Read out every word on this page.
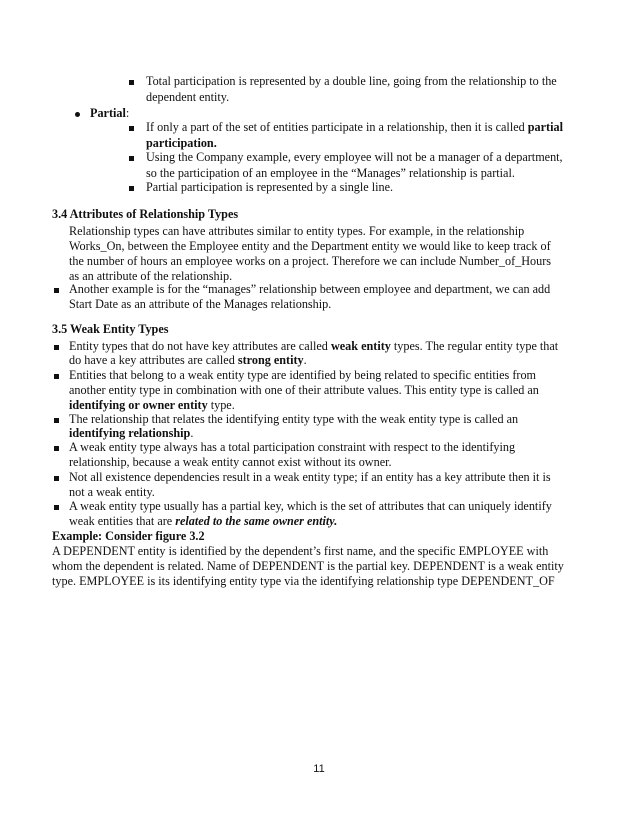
Total participation is represented by a double line, going from the relationship to the
dependent entity.
Partial:
If only a part of the set of entities participate in a relationship, then it is called partial
participation.
Using the Company example, every employee will not be a manager of a department,
so the participation of an employee in the “Manages” relationship is partial.
Partial participation is represented by a single line.
3.4 Attributes of Relationship Types
Relationship types can have attributes similar to entity types. For example, in the relationship
Works_On, between the Employee entity and the Department entity we would like to keep track of
the number of hours an employee works on a project. Therefore we can include Number_of_Hours
as an attribute of the relationship.
Another example is for the “manages” relationship between employee and department, we can add
Start Date as an attribute of the Manages relationship.
3.5 Weak Entity Types
Entity types that do not have key attributes are called weak entity types. The regular entity type that
do have a key attributes are called strong entity.
Entities that belong to a weak entity type are identified by being related to specific entities from
another entity type in combination with one of their attribute values. This entity type is called an
identifying or owner entity type.
The relationship that relates the identifying entity type with the weak entity type is called an
identifying relationship.
A weak entity type always has a total participation constraint with respect to the identifying
relationship, because a weak entity cannot exist without its owner.
Not all existence dependencies result in a weak entity type; if an entity has a key attribute then it is
not a weak entity.
A weak entity type usually has a partial key, which is the set of attributes that can uniquely identify
weak entities that are related to the same owner entity.
Example: Consider figure 3.2
A DEPENDENT entity is identified by the dependent’s first name, and the specific EMPLOYEE with
whom the dependent is related. Name of DEPENDENT is the partial key. DEPENDENT is a weak entity
type. EMPLOYEE is its identifying entity type via the identifying relationship type DEPENDENT_OF
11
